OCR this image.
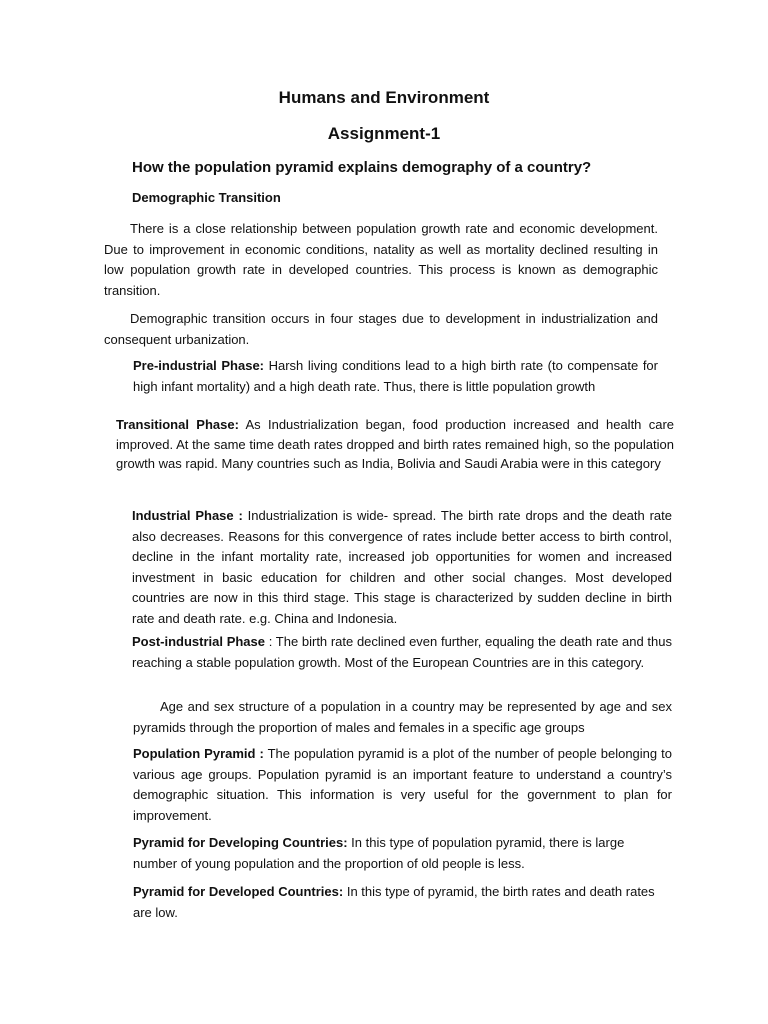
Humans and Environment
Assignment-1
How the population pyramid explains demography of a country?
Demographic Transition

There is a close relationship between population growth rate and economic development. Due to improvement in economic conditions, natality as well as mortality declined resulting in low population growth rate in developed countries. This process is known as demographic transition.

Demographic transition occurs in four stages due to development in industrialization and consequent urbanization.

Pre-industrial Phase: Harsh living conditions lead to a high birth rate (to compensate for high infant mortality) and a high death rate. Thus, there is little population growth

Transitional Phase: As Industrialization began, food production increased and health care improved. At the same time death rates dropped and birth rates remained high, so the population growth was rapid. Many countries such as India, Bolivia and Saudi Arabia were in this category

Industrial Phase : Industrialization is wide- spread. The birth rate drops and the death rate also decreases. Reasons for this convergence of rates include better access to birth control, decline in the infant mortality rate, increased job opportunities for women and increased investment in basic education for children and other social changes. Most developed countries are now in this third stage. This stage is characterized by sudden decline in birth rate and death rate. e.g. China and Indonesia.

Post-industrial Phase : The birth rate declined even further, equaling the death rate and thus reaching a stable population growth. Most of the European Countries are in this category.

Age and sex structure of a population in a country may be represented by age and sex pyramids through the proportion of males and females in a specific age groups

Population Pyramid : The population pyramid is a plot of the number of people belonging to various age groups. Population pyramid is an important feature to understand a country’s demographic situation. This information is very useful for the government to plan for improvement.

Pyramid for Developing Countries: In this type of population pyramid, there is large number of young population and the proportion of old people is less.

Pyramid for Developed Countries: In this type of pyramid, the birth rates and death rates are low.
